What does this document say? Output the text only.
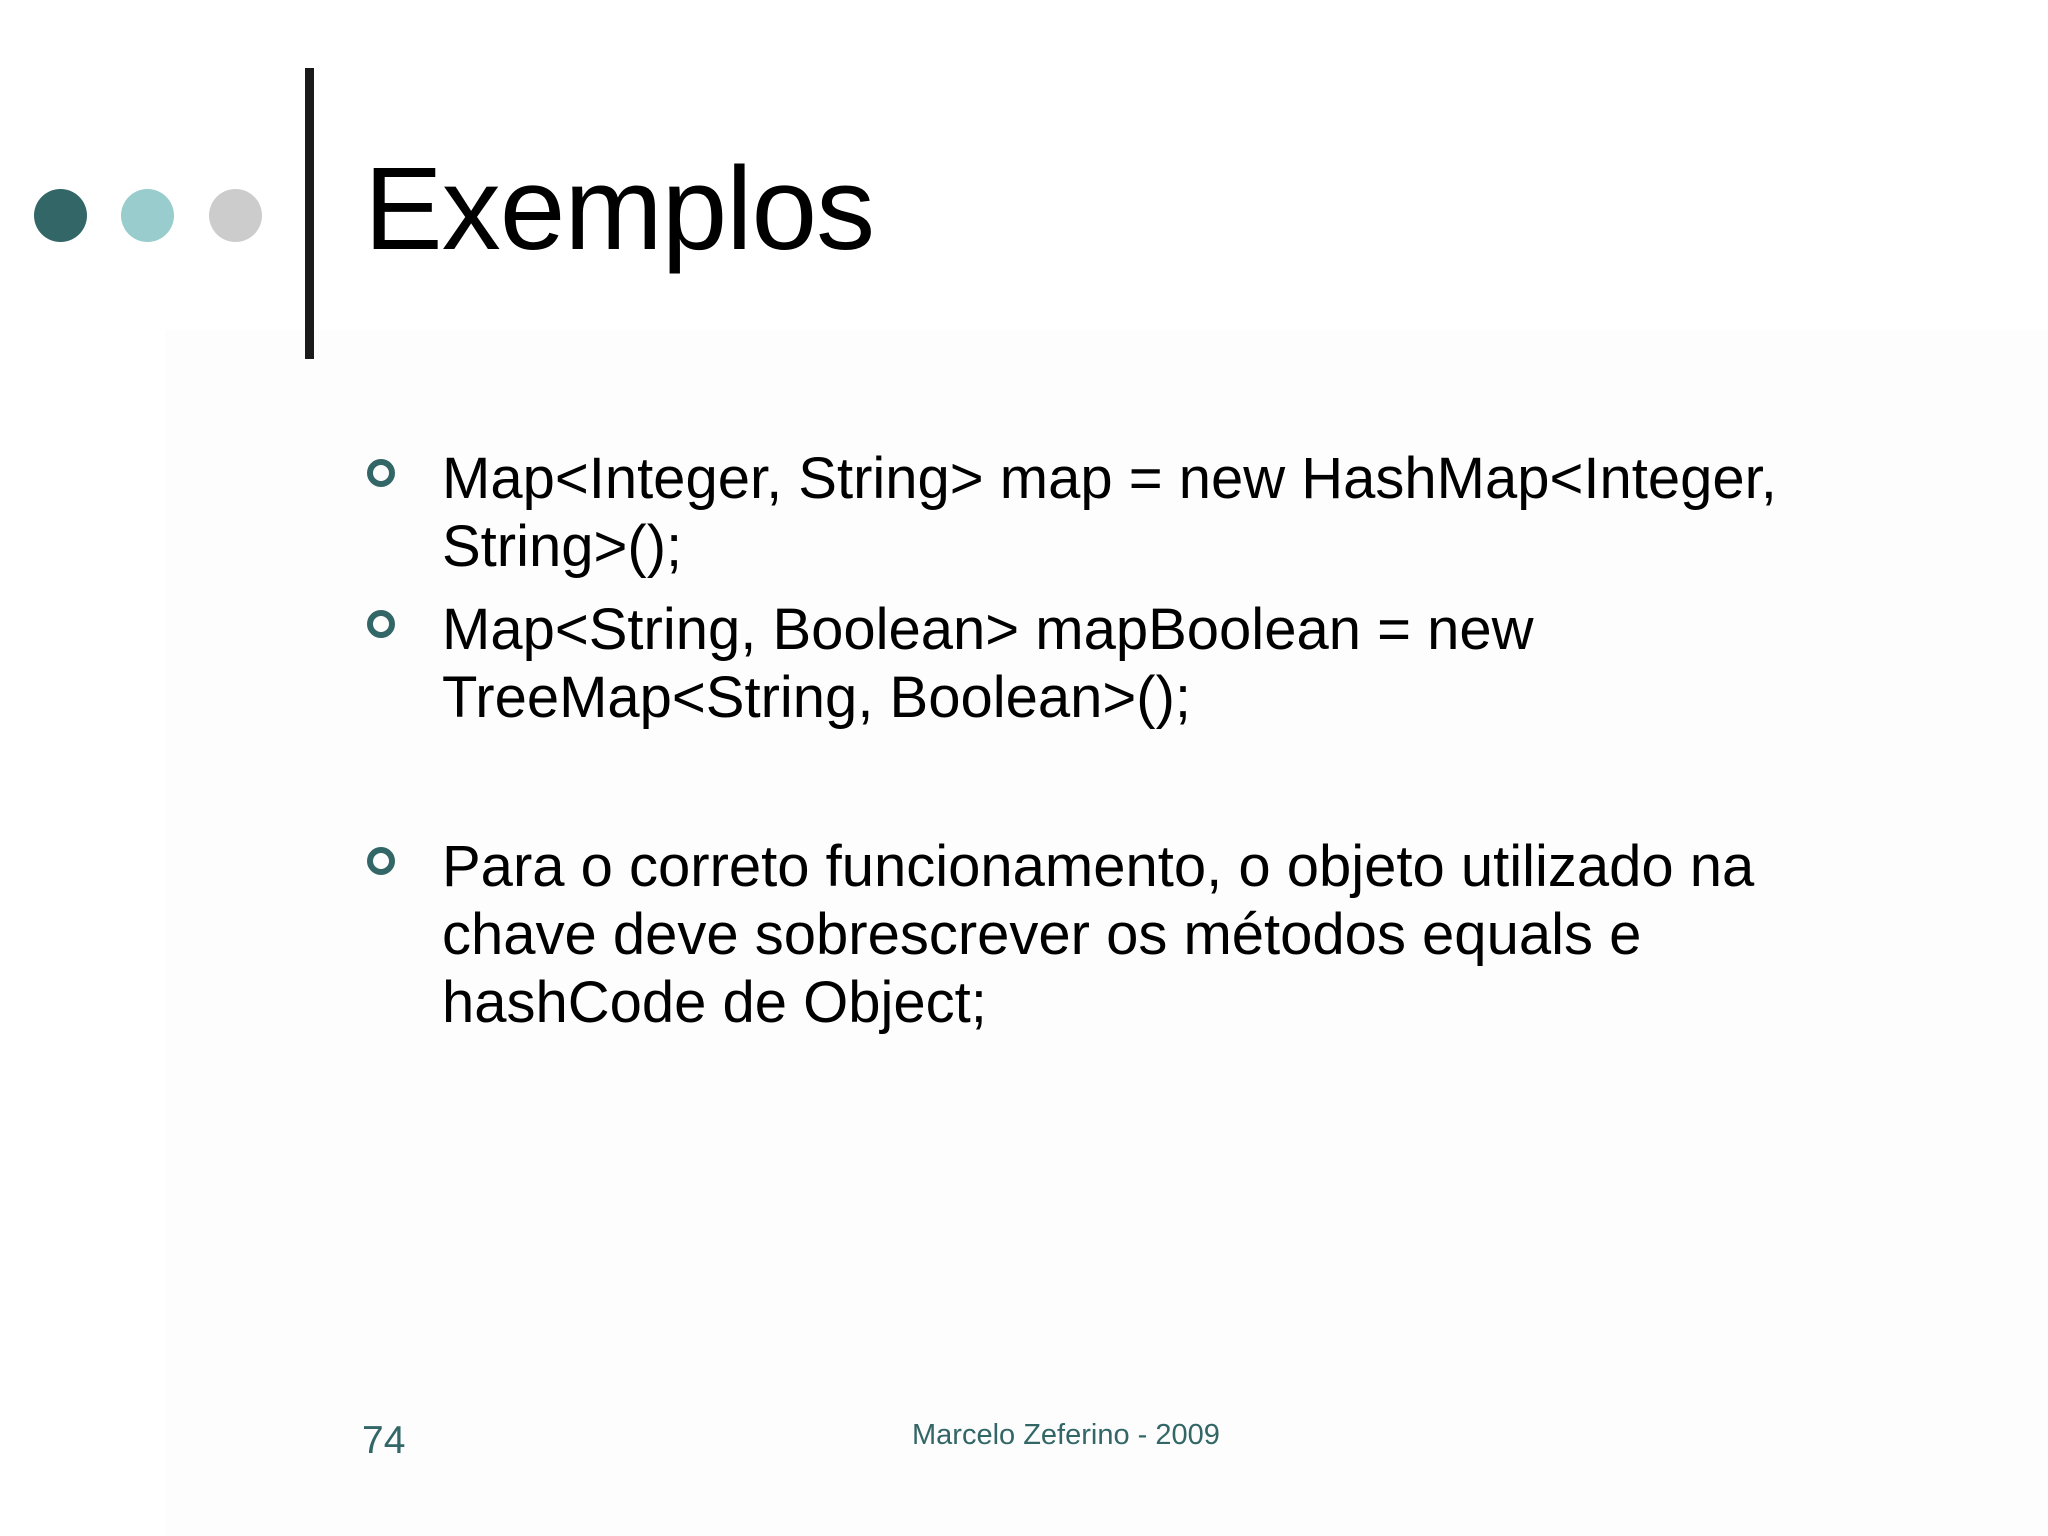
Exemplos

Map<Integer, String> map = new HashMap<Integer, String>();

Map<String, Boolean> mapBoolean = new TreeMap<String, Boolean>();

Para o correto funcionamento, o objeto utilizado na chave deve sobrescrever os métodos equals e hashCode de Object;

74	Marcelo Zeferino - 2009
